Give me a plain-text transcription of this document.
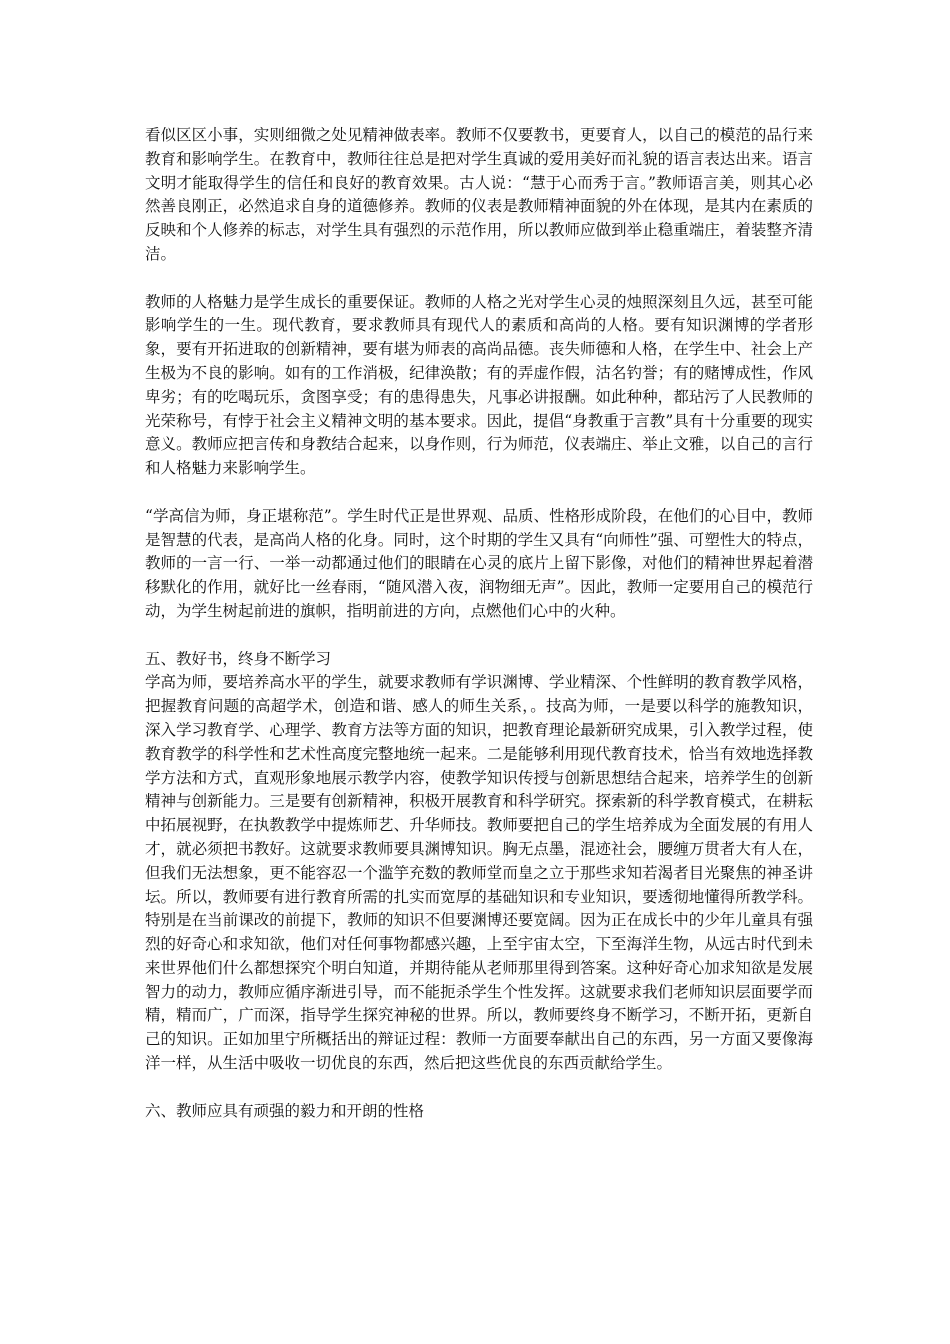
看似区区小事，实则细微之处见精神做表率。教师不仅要教书，更要育人，以自己的模范的品行来教育和影响学生。在教育中，教师往往总是把对学生真诚的爱用美好而礼貌的语言表达出来。语言文明才能取得学生的信任和良好的教育效果。古人说：“慧于心而秀于言。”教师语言美，则其心必然善良刚正，必然追求自身的道德修养。教师的仪表是教师精神面貌的外在体现，是其内在素质的反映和个人修养的标志，对学生具有强烈的示范作用，所以教师应做到举止稳重端庄，着装整齐清洁。

教师的人格魅力是学生成长的重要保证。教师的人格之光对学生心灵的烛照深刻且久远，甚至可能影响学生的一生。现代教育，要求教师具有现代人的素质和高尚的人格。要有知识渊博的学者形象，要有开拓进取的创新精神，要有堪为师表的高尚品德。丧失师德和人格，在学生中、社会上产生极为不良的影响。如有的工作消极，纪律涣散；有的弄虚作假，沽名钓誉；有的赌博成性，作风卑劣；有的吃喝玩乐，贪图享受；有的患得患失，凡事必讲报酬。如此种种，都玷污了人民教师的光荣称号，有悖于社会主义精神文明的基本要求。因此，提倡“身教重于言教”具有十分重要的现实意义。教师应把言传和身教结合起来，以身作则，行为师范，仪表端庄、举止文雅，以自己的言行和人格魅力来影响学生。

“学高信为师，身正堪称范”。学生时代正是世界观、品质、性格形成阶段，在他们的心目中，教师是智慧的代表，是高尚人格的化身。同时，这个时期的学生又具有“向师性”强、可塑性大的特点，教师的一言一行、一举一动都通过他们的眼睛在心灵的底片上留下影像，对他们的精神世界起着潜移默化的作用，就好比一丝春雨，“随风潜入夜，润物细无声”。因此，教师一定要用自己的模范行动，为学生树起前进的旗帜，指明前进的方向，点燃他们心中的火种。

五、教好书，终身不断学习

学高为师，要培养高水平的学生，就要求教师有学识渊博、学业精深、个性鲜明的教育教学风格，把握教育问题的高超学术，创造和谐、感人的师生关系，。技高为师，一是要以科学的施教知识，深入学习教育学、心理学、教育方法等方面的知识，把教育理论最新研究成果，引入教学过程，使教育教学的科学性和艺术性高度完整地统一起来。二是能够利用现代教育技术，恰当有效地选择教学方法和方式，直观形象地展示教学内容，使教学知识传授与创新思想结合起来，培养学生的创新精神与创新能力。三是要有创新精神，积极开展教育和科学研究。探索新的科学教育模式，在耕耘中拓展视野，在执教教学中提炼师艺、升华师技。教师要把自己的学生培养成为全面发展的有用人才，就必须把书教好。这就要求教师要具渊博知识。胸无点墨，混迹社会，腰缠万贯者大有人在，但我们无法想象，更不能容忍一个滥竽充数的教师堂而皇之立于那些求知若渴者目光聚焦的神圣讲坛。所以，教师要有进行教育所需的扎实而宽厚的基础知识和专业知识，要透彻地懂得所教学科。特别是在当前课改的前提下，教师的知识不但要渊博还要宽阔。因为正在成长中的少年儿童具有强烈的好奇心和求知欲，他们对任何事物都感兴趣，上至宇宙太空，下至海洋生物，从远古时代到未来世界他们什么都想探究个明白知道，并期待能从老师那里得到答案。这种好奇心加求知欲是发展智力的动力，教师应循序渐进引导，而不能扼杀学生个性发挥。这就要求我们老师知识层面要学而精，精而广，广而深，指导学生探究神秘的世界。所以，教师要终身不断学习，不断开拓，更新自己的知识。正如加里宁所概括出的辩证过程：教师一方面要奉献出自己的东西，另一方面又要像海洋一样，从生活中吸收一切优良的东西，然后把这些优良的东西贡献给学生。

六、教师应具有顽强的毅力和开朗的性格
